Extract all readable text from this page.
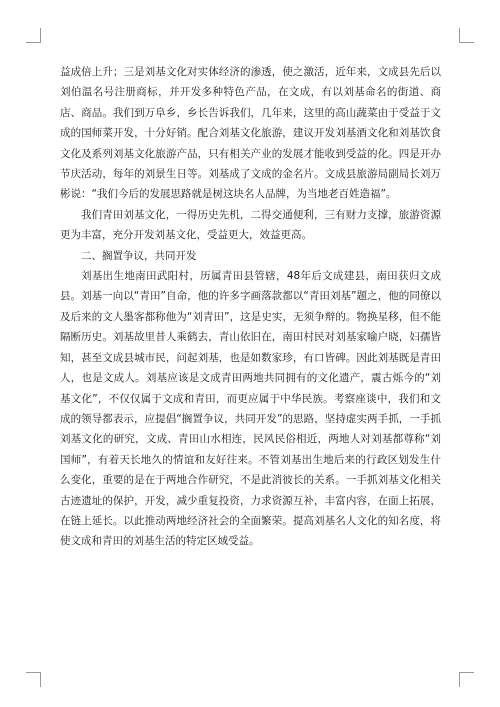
益成倍上升；三是刘基文化对实体经济的渗透，使之激活，近年来，文成县先后以刘伯温名号注册商标，并开发多种特色产品，在文成，有以刘基命名的街道、商店、商品。我们到万阜乡，乡长告诉我们，几年来，这里的高山蔬菜由于受益于文成的国师菜开发，十分好销。配合刘基文化旅游，建议开发刘基酒文化和刘基饮食文化及系列刘基文化旅游产品，只有相关产业的发展才能收到受益的化。四是开办节庆活动，每年的刘景生日等。刘基成了文成的金名片。文成县旅游局副局长刘万彬说：“我们今后的发展思路就是树这块名人品牌，为当地老百姓造福”。

我们青田刘基文化，一得历史先机，二得交通便利，三有财力支撑，旅游资源更为丰富，充分开发刘基文化，受益更大，效益更高。

二、搁置争议，共同开发

刘基出生地南田武阳村，历属青田县管辖，48年后文成建县，南田获归文成县。刘基一向以“青田”自命，他的许多字画落款都以“青田刘基”题之，他的同僚以及后来的文人墨客都称他为“刘青田”，这是史实，无须争辩的。物换星移，但不能隔断历史。刘基故里昔人乘鹤去，青山依旧在，南田村民对刘基家喻户晓，妇孺皆知，甚至文成县城市民，问起刘基，也是如数家珍，有口皆碑。因此刘基既是青田人，也是文成人。刘基应该是文成青田两地共同拥有的文化遗产，震古烁今的“刘基文化”，不仅仅属于文成和青田，而更应属于中华民族。考察座谈中，我们和文成的领导都表示，应提倡“搁置争议，共同开发”的思路，坚持虚实两手抓，一手抓刘基文化的研究，文成、青田山水相连，民风民俗相近，两地人对刘基都尊称“刘国师”，有着天长地久的情谊和友好往来。不管刘基出生地后来的行政区划发生什么变化，重要的是在于两地合作研究，不是此消彼长的关系。一手抓刘基文化相关古迹遗址的保护，开发，减少重复投资，力求资源互补，丰富内容，在面上拓展，在链上延长。以此推动两地经济社会的全面繁荣。提高刘基名人文化的知名度，将使文成和青田的刘基生活的特定区域受益。
